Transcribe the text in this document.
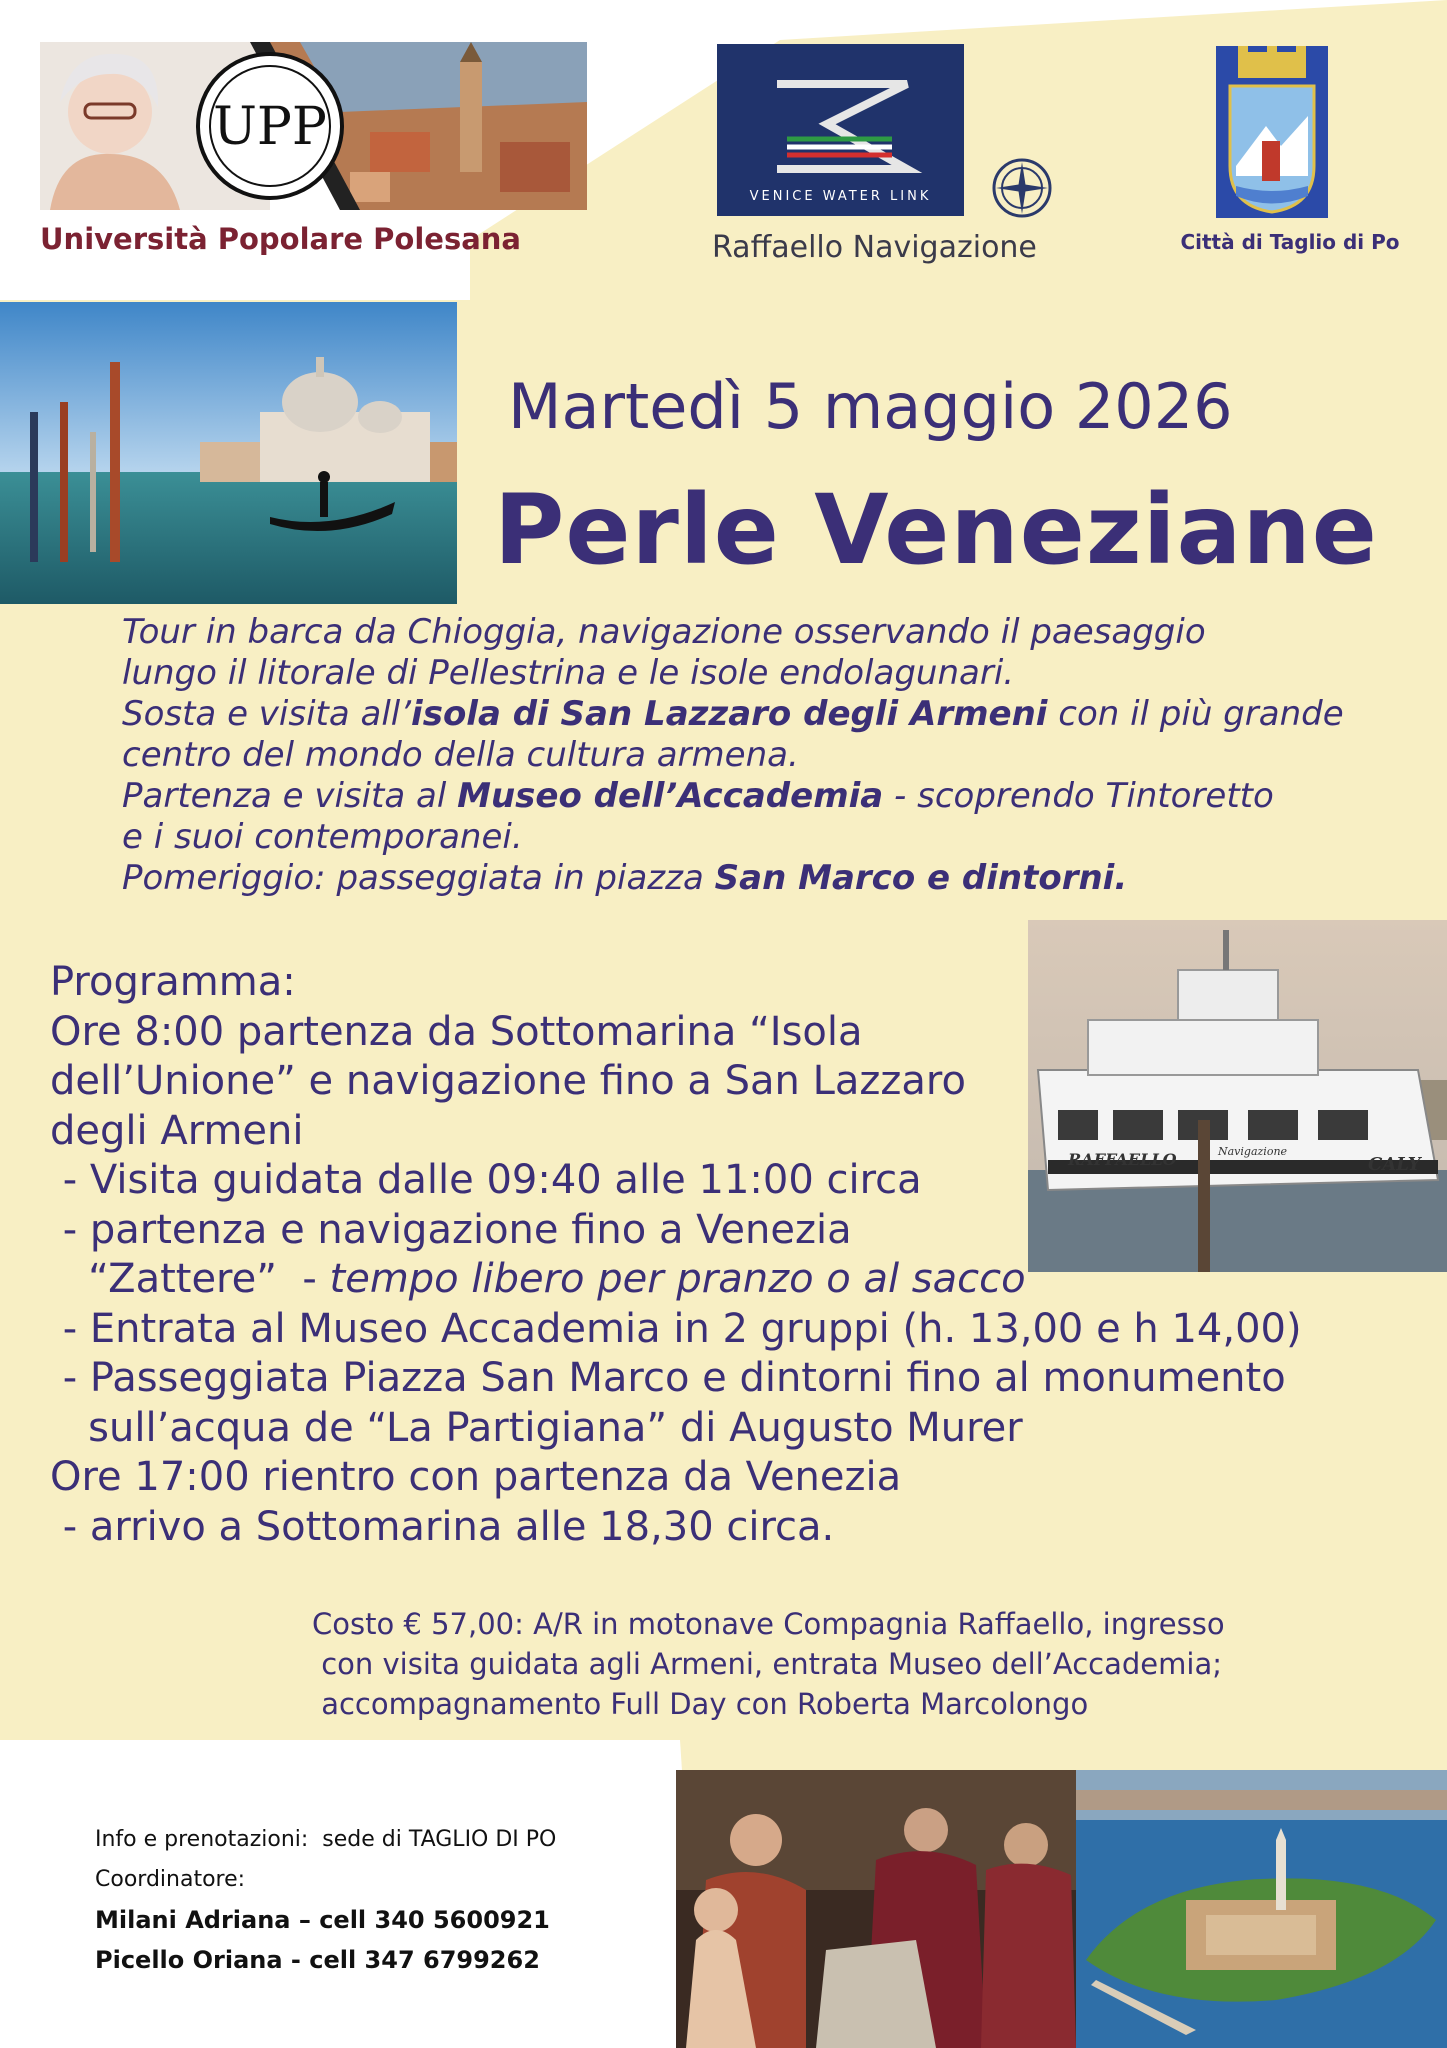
UPP
Università Popolare Polesana
VENICE WATER LINK
Raffaello Navigazione	Città di Taglio di Po
Martedì 5 maggio 2026
Perle Veneziane

Tour in barca da Chioggia, navigazione osservando il paesaggio

lungo il litorale di Pellestrina e le isole endolagunari.

Sosta e visita all’isola di San Lazzaro degli Armeni con il più grande

centro del mondo della cultura armena.

Partenza e visita al Museo dell’Accademia - scoprendo Tintoretto

e i suoi contemporanei.

Pomeriggio: passeggiata in piazza San Marco e dintorni.

RAFFAELLO	Navigazione
CALY
Programma:
Ore 8:00 partenza da Sottomarina “Isola
dell’Unione” e navigazione fino a San Lazzaro
degli Armeni
- Visita guidata dalle 09:40 alle 11:00 circa
- partenza e navigazione fino a Venezia
“Zattere”  - tempo libero per pranzo o al sacco
- Entrata al Museo Accademia in 2 gruppi (h. 13,00 e h 14,00)
- Passeggiata Piazza San Marco e dintorni fino al monumento
sull’acqua de “La Partigiana” di Augusto Murer
Ore 17:00 rientro con partenza da Venezia
- arrivo a Sottomarina alle 18,30 circa.
Costo € 57,00: A/R in motonave Compagnia Raffaello, ingresso
con visita guidata agli Armeni, entrata Museo dell’Accademia;
accompagnamento Full Day con Roberta Marcolongo
Info e prenotazioni:  sede di TAGLIO DI PO
Coordinatore:
Milani Adriana – cell 340 5600921
Picello Oriana - cell 347 6799262
